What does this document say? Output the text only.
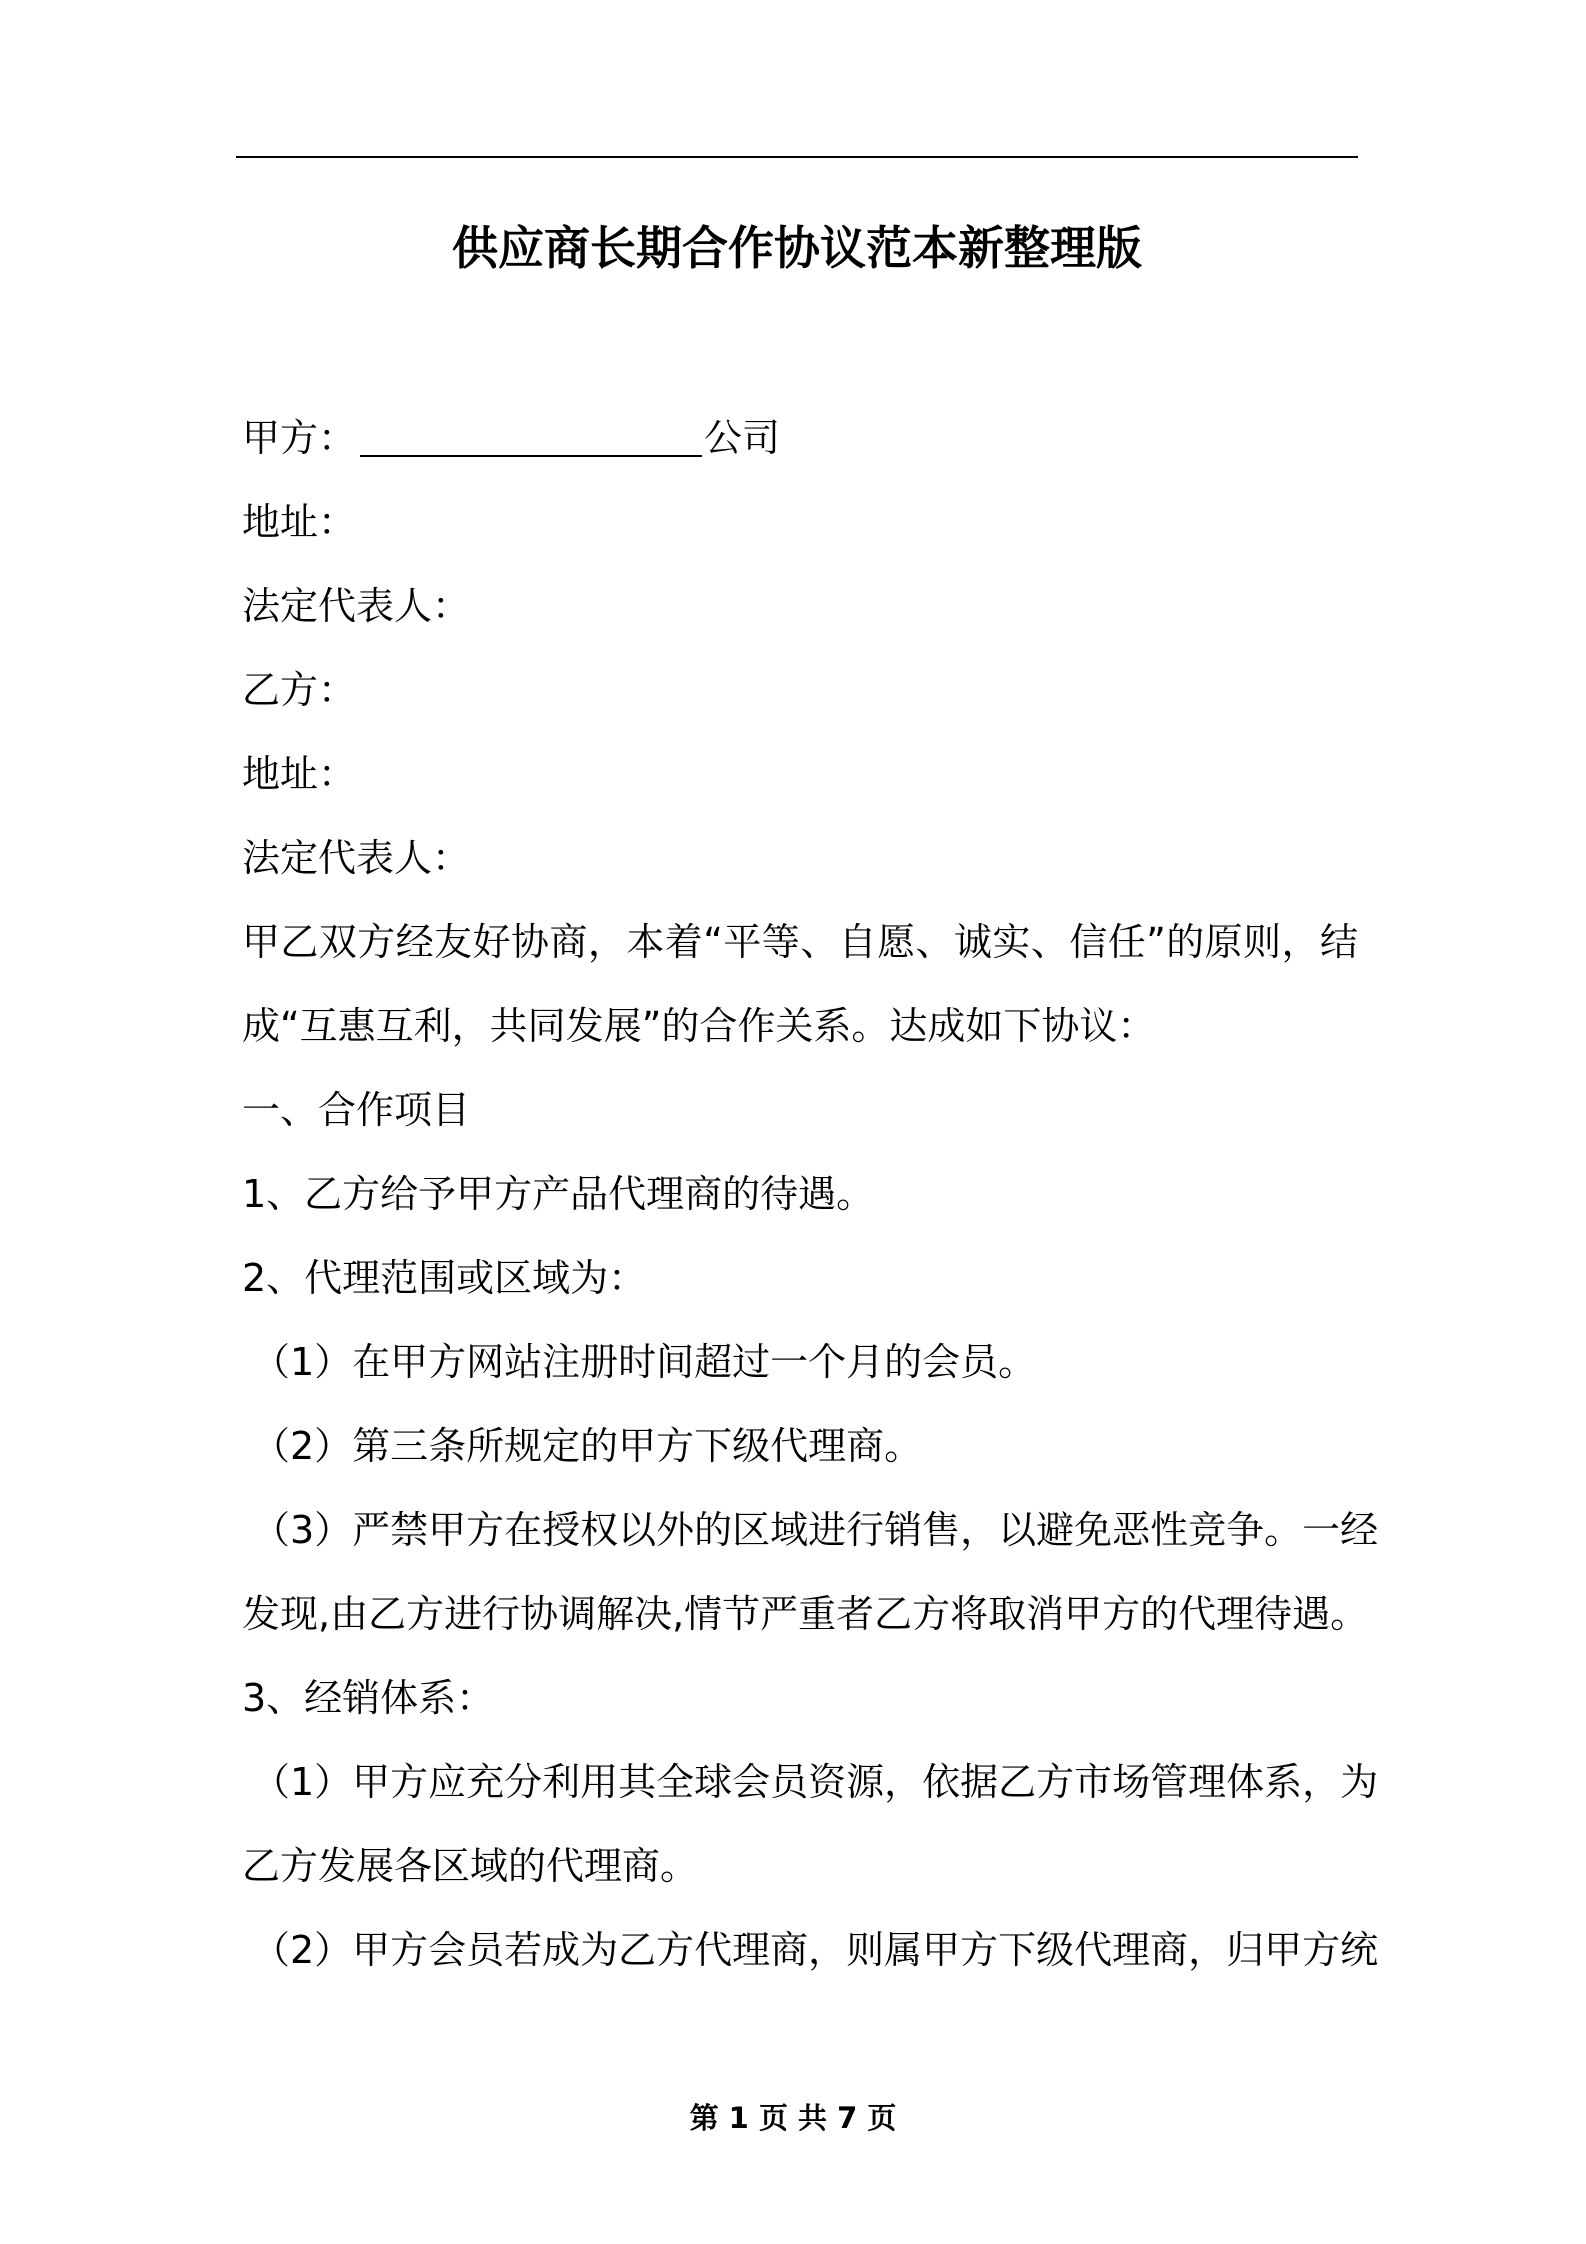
供应商长期合作协议范本新整理版
甲方：	公司
地址：
法定代表人：
乙方：
地址：
法定代表人：
甲乙双方经友好协商，本着“平等、自愿、诚实、信任”的原则，结
成“互惠互利，共同发展”的合作关系。达成如下协议：
一、合作项目
1、乙方给予甲方产品代理商的待遇。
2、代理范围或区域为：
（1）在甲方网站注册时间超过一个月的会员。
（2）第三条所规定的甲方下级代理商。
（3）严禁甲方在授权以外的区域进行销售，以避免恶性竞争。一经
发现,由乙方进行协调解决,情节严重者乙方将取消甲方的代理待遇。
3、经销体系：
（1）甲方应充分利用其全球会员资源，依据乙方市场管理体系，为
乙方发展各区域的代理商。
（2）甲方会员若成为乙方代理商，则属甲方下级代理商，归甲方统
第 1 页 共 7 页
